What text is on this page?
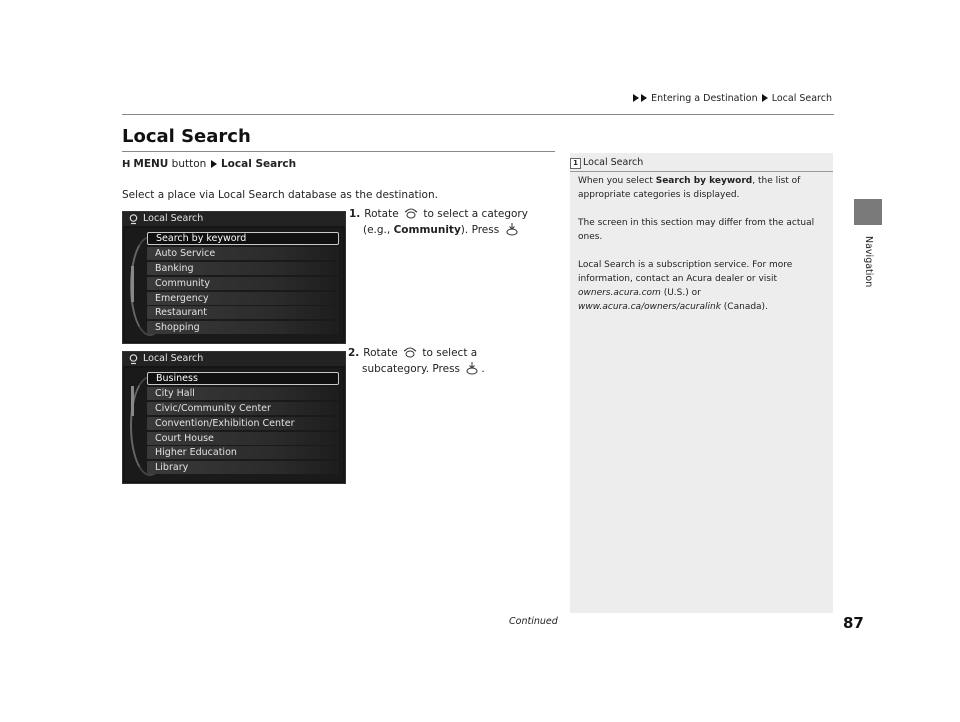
Entering a Destination Local Search
Navigation
Local Search
H MENU button Local Search
Select a place via Local Search database as the destination.
1. Rotate to select a category
(e.g., Community). Press
2. Rotate to select a
subcategory. Press .
Local Search
Search by keyword
Auto Service
Banking
Community
Emergency
Restaurant
Shopping
Local Search
Business
City Hall
Civic/Community Center
Convention/Exhibition Center
Court House
Higher Education
Library
1 Local Search

When you select Search by keyword, the list of appropriate categories is displayed.

The screen in this section may differ from the actual ones.

Local Search is a subscription service. For more information, contact an Acura dealer or visit owners.acura.com (U.S.) or www.acura.ca/owners/acuralink (Canada).

Continued	87
